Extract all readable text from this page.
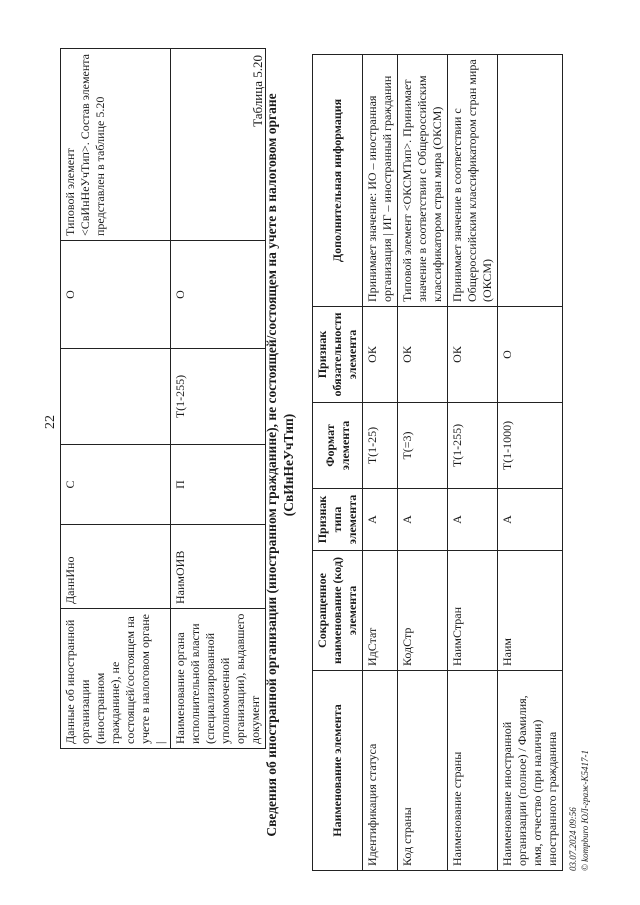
22
Данные об иностранной организации (иностранном гражданине), не состоящей/состоящем на учете в налоговом органе |	ДаннИно	С		О	Типовой элемент <СвИнНеУчТип>. Состав элемента представлен в таблице 5.20
Наименование органа исполнительной власти (специализированной уполномоченной организации), выдавшего документ	НаимОИВ	П	Т(1-255)	О	
Таблица 5.20
Сведения об иностранной организации (иностранном гражданине), не состоящей/состоящем на учете в налоговом органе (СвИнНеУчТип)
Наименование элемента	Сокращенное наименование (код) элемента	Признак типа элемента	Формат элемента	Признак обязательности элемента	Дополнительная информация
Идентификация статуса	ИдСтат	А	Т(1-25)	ОК	Принимает значение: ИО – иностранная организация | ИГ – иностранный гражданин
Код страны	КодСтр	А	Т(=3)	ОК	Типовой элемент <ОКСМТип>. Принимает значение в соответствии с Общероссийским классификатором стран мира (ОКСМ)
Наименование страны	НаимСтран	А	Т(1-255)	ОК	Принимает значение в соответствии с Общероссийским классификатором стран мира (ОКСМ)
Наименование иностранной организации (полное) / Фамилия, имя, отчество (при наличии) иностранного гражданина	Наим	А	Т(1-1000)	О	
03.07.2024 09:56 © kompburo ЮЛ-граж-К5417-1
